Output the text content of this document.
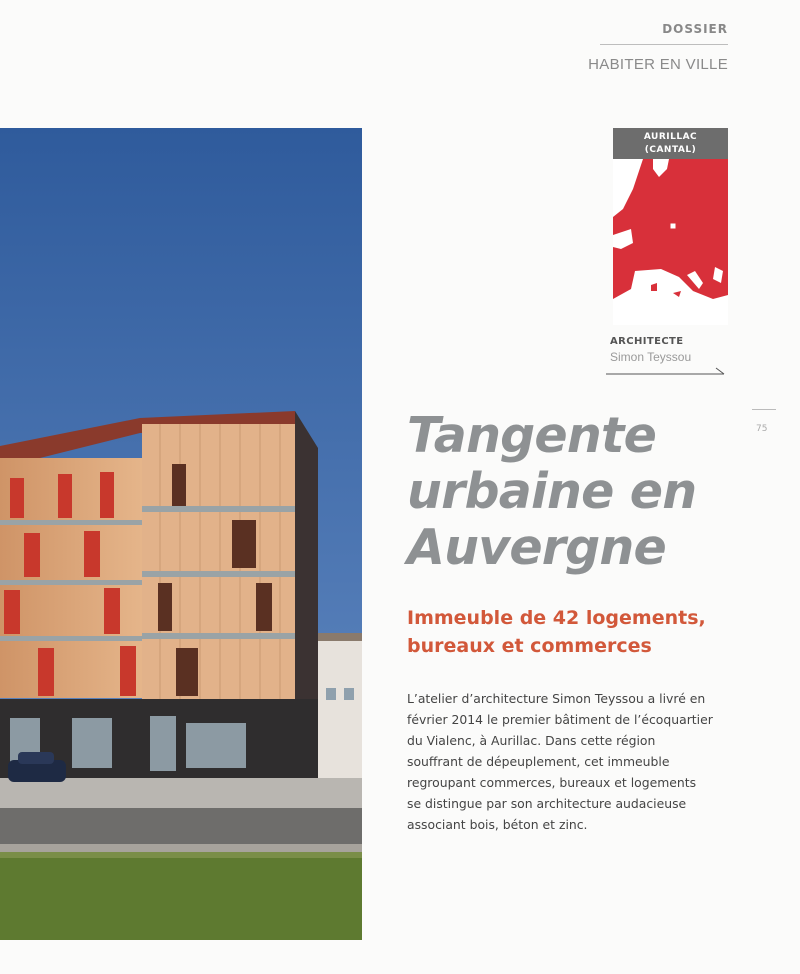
DOSSIER
HABITER EN VILLE
AURILLAC
(CANTAL)
ARCHITECTE
Simon Teyssou
75
Tangente
urbaine en
Auvergne
Immeuble de 42 logements,
bureaux et commerces

L’atelier d’architecture Simon Teyssou a livré en
février 2014 le premier bâtiment de l’écoquartier
du Vialenc, à Aurillac. Dans cette région
souffrant de dépeuplement, cet immeuble
regroupant commerces, bureaux et logements
se distingue par son architecture audacieuse
associant bois, béton et zinc.
